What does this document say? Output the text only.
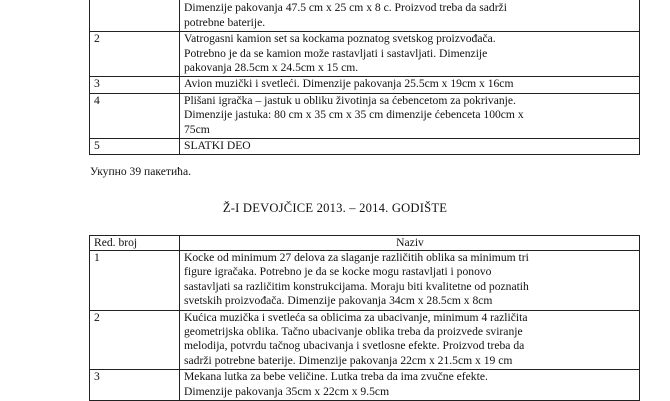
	Dimenzije pakovanja 47.5 cm x 25 cm x 8 c. Proizvod treba da sadrži
potrebne baterije.

2	Vatrogasni kamion set sa kockama poznatog svetskog proizvođača.
Potrebno je da se kamion može rastavljati i sastavljati. Dimenzije
pakovanja 28.5cm x 24.5cm x 15 cm.

3	Avion muzički i svetleći. Dimenzije pakovanja 25.5cm x 19cm x 16cm

4	Plišani igračka – jastuk u obliku životinja sa ćebencetom za pokrivanje.
Dimenzije jastuka: 80 cm x 35 cm x 35 cm dimenzije ćebenceta 100cm x
75cm

5	SLATKI DEO

Укупно 39 пакетића.

Ž-I DEVOJČICE 2013. – 2014. GODIŠTE
Red. broj	Naziv
1	Kocke od minimum 27 delova za slaganje različitih oblika sa minimum tri
figure igračaka. Potrebno je da se kocke mogu rastavljati i ponovo
sastavljati sa različitim konstrukcijama. Moraju biti kvalitetne od poznatih
svetskih proizvođača. Dimenzije pakovanja 34cm x 28.5cm x 8cm

2	Kućica muzička i svetleća sa oblicima za ubacivanje, minimum 4 različita
geometrijska oblika. Tačno ubacivanje oblika treba da proizvede sviranje
melodija, potvrdu tačnog ubacivanja i svetlosne efekte. Proizvod treba da
sadrži potrebne baterije. Dimenzije pakovanja 22cm x 21.5cm x 19 cm

3	Mekana lutka za bebe veličine. Lutka treba da ima zvučne efekte.
Dimenzije pakovanja 35cm x 22cm x 9.5cm
